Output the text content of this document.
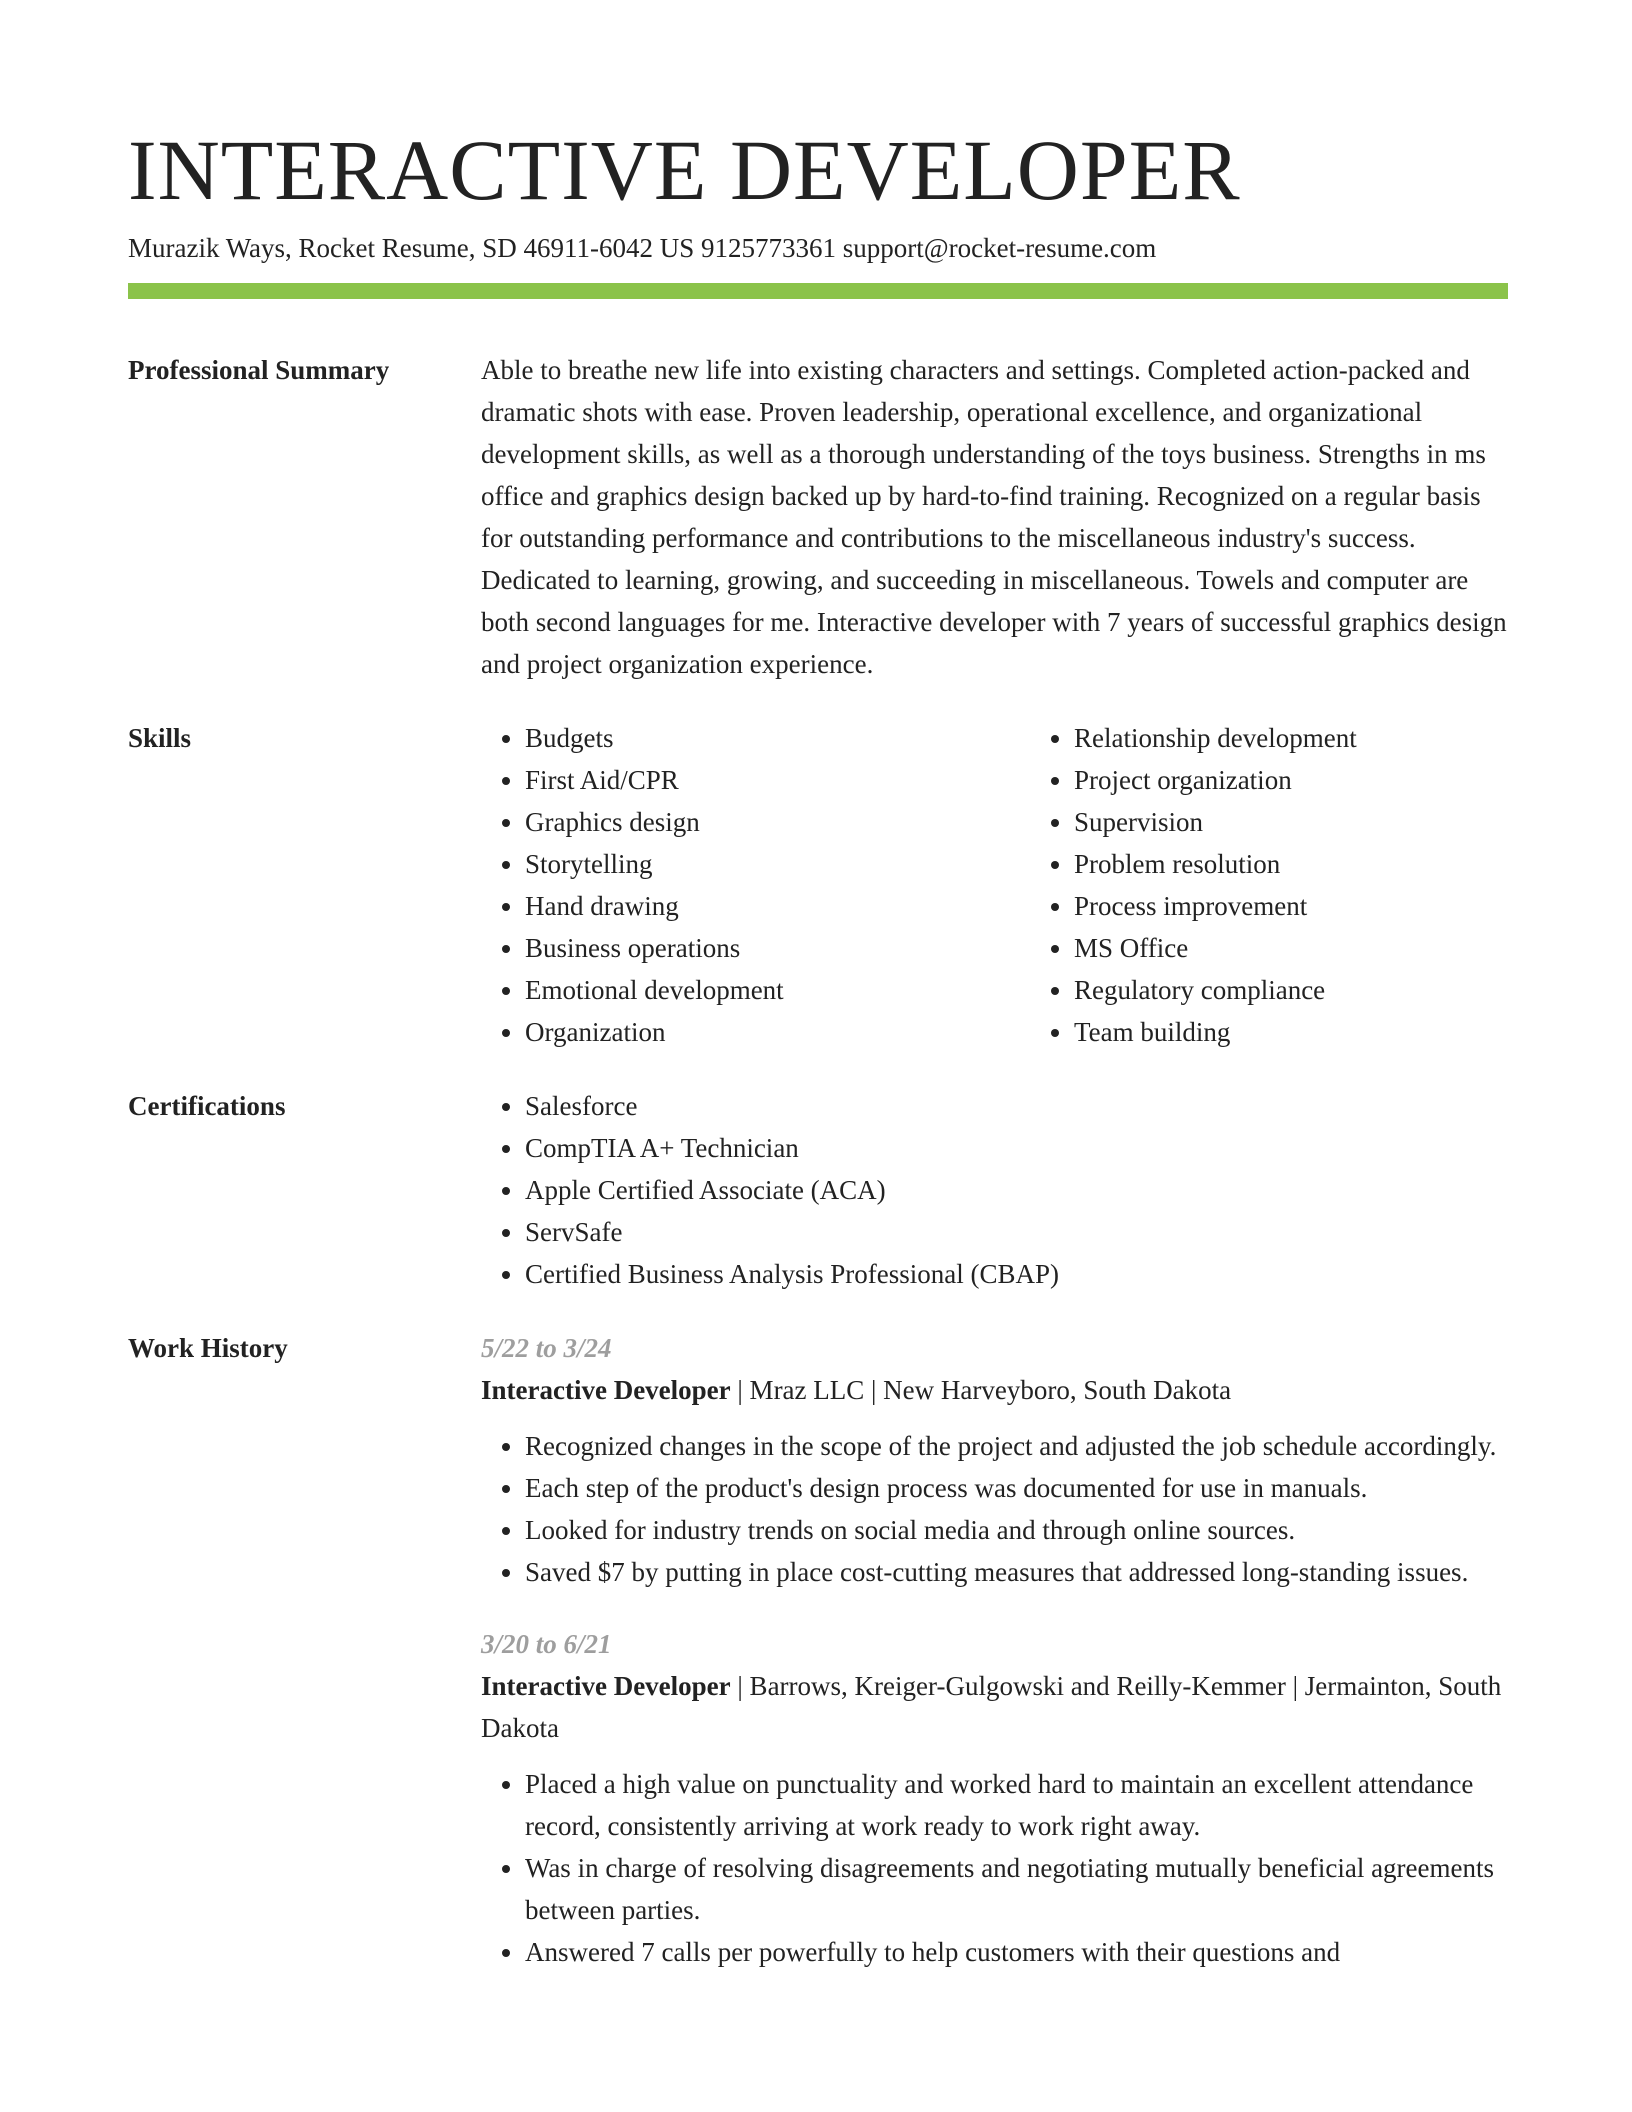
INTERACTIVE DEVELOPER
Murazik Ways, Rocket Resume, SD 46911-6042 US 9125773361 support@rocket-resume.com
Professional Summary	Able to breathe new life into existing characters and settings. Completed action-packed and dramatic shots with ease. Proven leadership, operational excellence, and organizational development skills, as well as a thorough understanding of the toys business. Strengths in ms office and graphics design backed up by hard-to-find training. Recognized on a regular basis for outstanding performance and contributions to the miscellaneous industry's success. Dedicated to learning, growing, and succeeding in miscellaneous. Towels and computer are both second languages for me. Interactive developer with 7 years of successful graphics design and project organization experience.
Skills	• Budgets
• First Aid/CPR
• Graphics design
• Storytelling
• Hand drawing
• Business operations
• Emotional development
• Organization
• Relationship development
• Project organization
• Supervision
• Problem resolution
• Process improvement
• MS Office
• Regulatory compliance
• Team building
Certifications	• Salesforce
• CompTIA A+ Technician
• Apple Certified Associate (ACA)
• ServSafe
• Certified Business Analysis Professional (CBAP)
Work History	5/22 to 3/24
Interactive Developer | Mraz LLC | New Harveyboro, South Dakota
• Recognized changes in the scope of the project and adjusted the job schedule accordingly.
• Each step of the product's design process was documented for use in manuals.
• Looked for industry trends on social media and through online sources.
• Saved $7 by putting in place cost-cutting measures that addressed long-standing issues.
3/20 to 6/21
Interactive Developer | Barrows, Kreiger-Gulgowski and Reilly-Kemmer | Jermainton, South Dakota
• Placed a high value on punctuality and worked hard to maintain an excellent attendance record, consistently arriving at work ready to work right away.
• Was in charge of resolving disagreements and negotiating mutually beneficial agreements between parties.
• Answered 7 calls per powerfully to help customers with their questions and
